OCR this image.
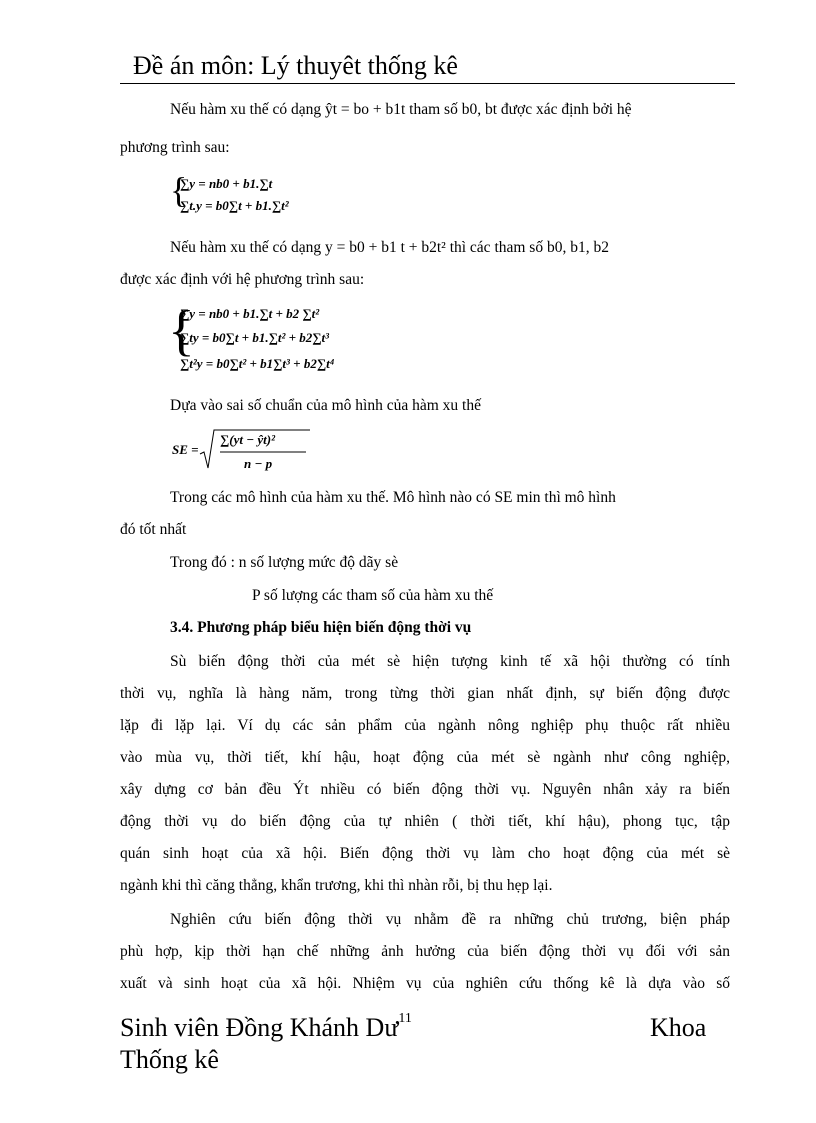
Đề án môn: Lý thuyêt thống kê
Nếu hàm xu thế có dạng ŷt = bo + b1t tham số b0, bt được xác định bởi hệ
phương trình sau:
{
∑y = nb0 + b1.∑t
∑t.y = b0∑t + b1.∑t²
Nếu hàm xu thế có dạng y = b0 + b1 t + b2t² thì các tham số b0, b1, b2
được xác định với hệ phương trình sau:
{
∑y = nb0 + b1.∑t + b2 ∑t²
∑ty = b0∑t + b1.∑t² + b2∑t³
∑t²y = b0∑t² + b1∑t³ + b2∑t⁴
Dựa vào sai số chuẩn của mô hình của hàm xu thế
SE =
∑(yt − ŷt)²
n − p
Trong các mô hình của hàm xu thế. Mô hình nào có SE min thì mô hình
đó tốt nhất
Trong đó : n số lượng mức độ dãy sè
P số lượng các tham số của hàm xu thế
3.4. Phương pháp biểu hiện biến động thời vụ
Sù biến động thời của mét sè hiện tượng kinh tế xã hội thường có tính
thời vụ, nghĩa là hàng năm, trong từng thời gian nhất định, sự biến động được
lặp đi lặp lại. Ví dụ các sản phẩm của ngành nông nghiệp phụ thuộc rất nhiều
vào mùa vụ, thời tiết, khí hậu, hoạt động của mét sè ngành như công nghiệp,
xây dựng cơ bản đều Ýt nhiều có biến động thời vụ. Nguyên nhân xảy ra biến
động thời vụ do biến động của tự nhiên ( thời tiết, khí hậu), phong tục, tập
quán sinh hoạt của xã hội. Biến động thời vụ làm cho hoạt động của mét sè
ngành khi thì căng thẳng, khẩn trương, khi thì nhàn rỗi, bị thu hẹp lại.
Nghiên cứu biến động thời vụ nhằm đề ra những chủ trương, biện pháp
phù hợp, kịp thời hạn chế những ảnh hưởng của biến động thời vụ đối với sản
xuất và sinh hoạt của xã hội. Nhiệm vụ của nghiên cứu thống kê là dựa vào số
Sinh viên Đồng Khánh $Dư^{11}$	Khoa
Thống kê
